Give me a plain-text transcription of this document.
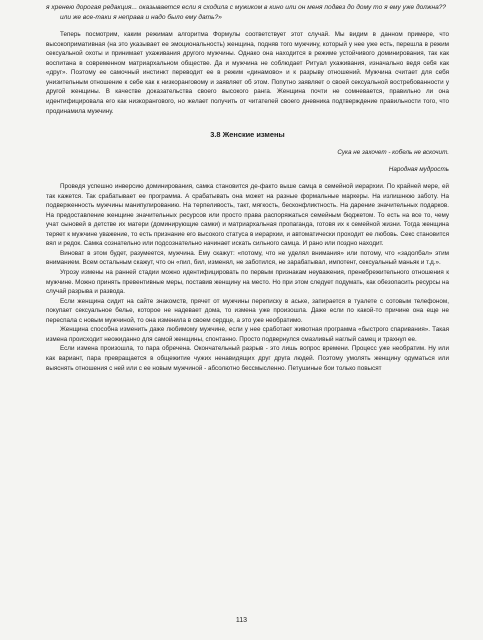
я хренею дорогая редакция... оказывается если я сходила с мужиком в кино или он меня подвез до дому то я ему уже должна??

или же все-таки я неправа и надо было ему дать?»

Теперь посмотрим, каким режимам алгоритма Формулы соответствует этот случай. Мы видим в данном примере, что высокопримативная (на это указывает ее эмоциональность) женщина, подняв того мужчину, который у нее уже есть, перешла в режим сексуальной охоты и принимает ухаживания другого мужчины. Однако она находится в режиме устойчивого доминирования, так как воспитана в современном матриархальном обществе. Да и мужчина не соблюдает Ритуал ухаживания, изначально ведя себя как «друг». Поэтому ее самочный инстинкт переводит ее в режим «динамово» и к разрыву отношений. Мужчина считает для себя унизительным отношение к себе как к низкоранговому и заявляет об этом. Попутно заявляет о своей сексуальной востребованности у другой женщины. В качестве доказательства своего высокого ранга. Женщина почти не сомневается, правильно ли она идентифицировала его как низкорангового, но желает получить от читателей своего дневника подтверждение правильности того, что продинамила мужчину.

3.8 Женские измены

Сука не захочет - кобель не вскочит.

Народная мудрость

Проведя успешно инверсию доминирования, самка становится де-факто выше самца в семейной иерархии. По крайней мере, ей так кажется. Так срабатывает ее программа. А срабатывать она может на разные формальные маркеры. На излишнюю заботу. На подверженность мужчины манипулированию. На терпеливость, такт, мягкость, бесконфликтность. На дарение значительных подарков. На предоставление женщине значительных ресурсов или просто права распоряжаться семейным бюджетом. То есть на все то, чему учат сыновей в детстве их матери (доминирующие самки) и матриархальная пропаганда, готовя их к семейной жизни. Тогда женщина теряет к мужчине уважение, то есть признание его высокого статуса в иерархии, и автоматически проходит ее любовь. Секс становится вял и редок. Самка сознательно или подсознательно начинает искать сильного самца. И рано или поздно находит.

Виноват в этом будет, разумеется, мужчина. Ему скажут: «потому, что не уделял внимания» или потому, что «задолбал» этим вниманием. Всем остальным скажут, что он «пил, бил, изменял, не заботился, не зарабатывал, импотент, сексуальный маньяк и т.д.».

Угрозу измены на ранней стадии можно идентифицировать по первым признакам неуважения, пренебрежительного отношения к мужчине. Можно принять превентивные меры, поставив женщину на место. Но при этом следует подумать, как обезопасить ресурсы на случай разрыва и развода.

Если женщина сидит на сайте знакомств, прячет от мужчины переписку в аське, запирается в туалете с сотовым телефоном, покупает сексуальное белье, которое не надевает дома, то измена уже произошла. Даже если по какой-то причине она еще не переспала с новым мужчиной, то она изменила в своем сердце, а это уже необратимо.

Женщина способна изменить даже любимому мужчине, если у нее сработает животная программа «быстрого спаривания». Такая измена происходит неожиданно для самой женщины, спонтанно. Просто подвернулся смазливый наглый самец и трахнул ее.

Если измена произошла, то пара обречена. Окончательный разрыв - это лишь вопрос времени. Процесс уже необратим. Ну или как вариант, пара превращается в общежитие чужих ненавидящих друг друга людей. Поэтому умолять женщину одуматься или выяснять отношения с ней или с ее новым мужчиной - абсолютно бессмысленно. Петушиные бои только повысят

113
